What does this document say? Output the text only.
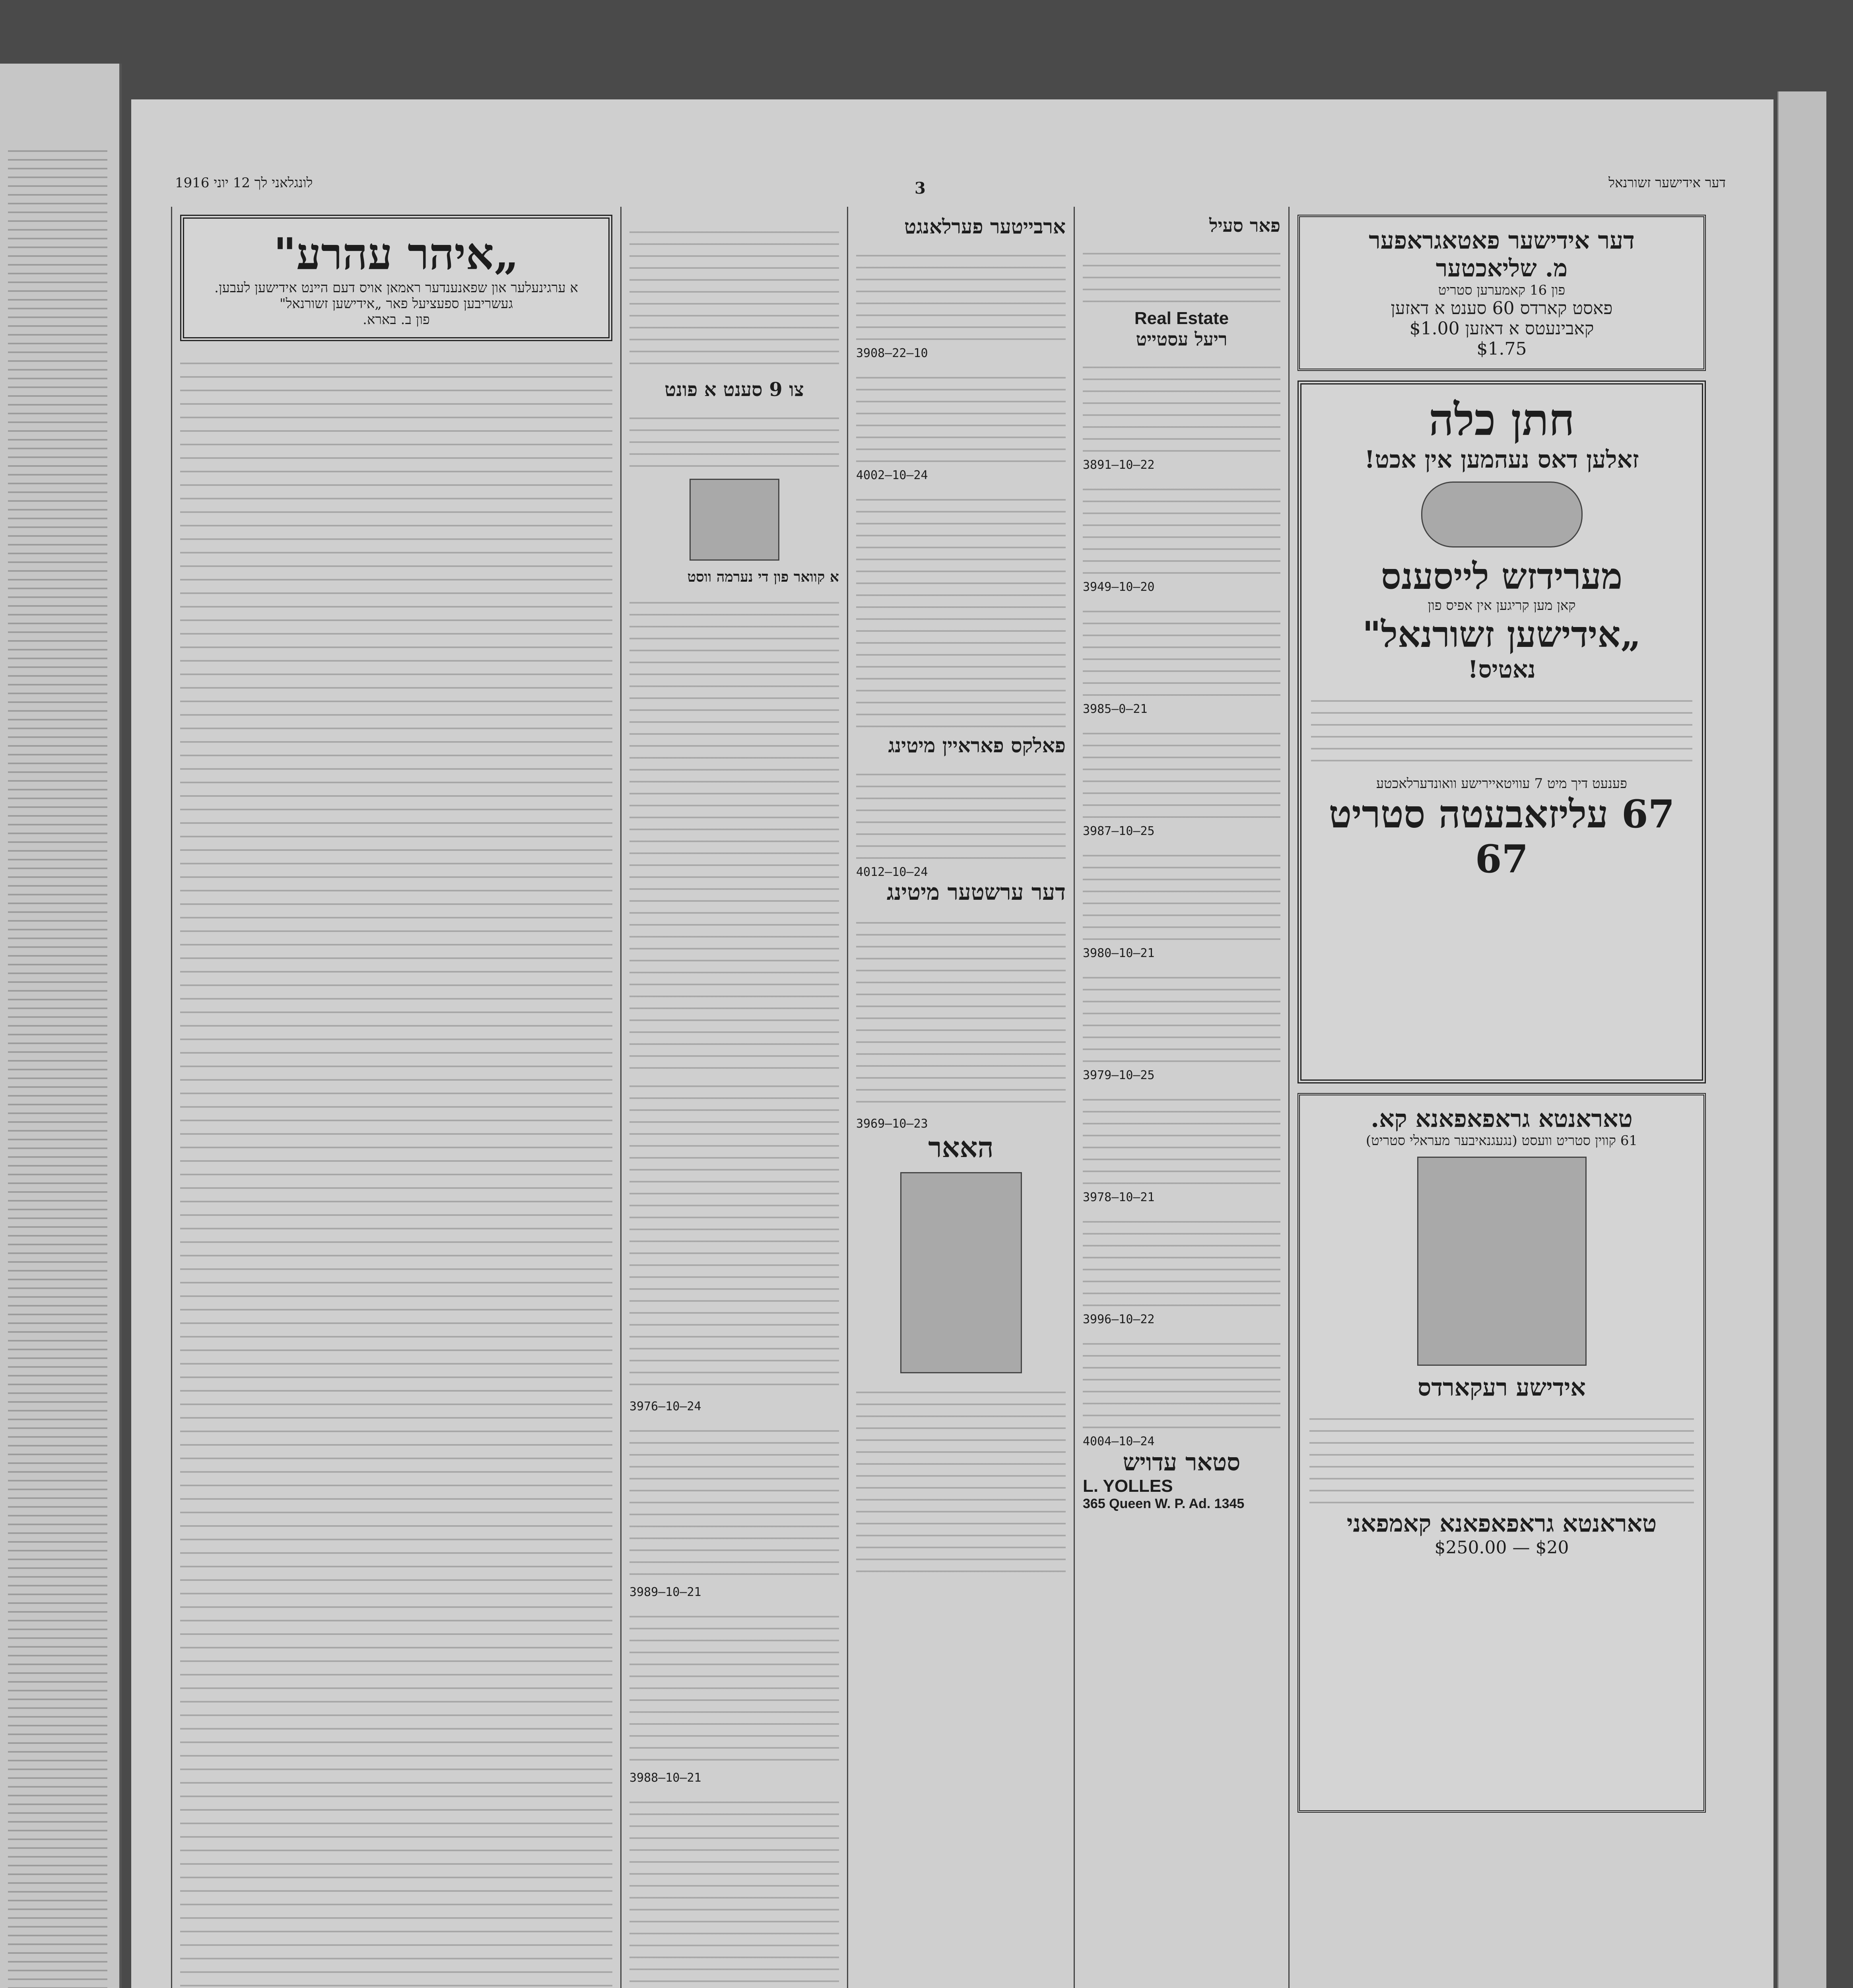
דער אידישער זשורנאל
לונגלאני לך 12 יוני 1916	3
דער אידישער פאטאגראפער
מ. שליאכטער
פון 16 קאמערען סטריט
פאסט קארדס 60 סענט א דאזען
קאבינעטס א דאזען $1.00
$1.75
חתן כלה
זאלען דאס נעהמען אין אכט!
מערידזש לייסענס
קאן מען קריגען אין אפיס פון
„אידישען זשורנאל"
נאטיס!
פענעט דיך מיט 7 עוויטאיירישע וואונדערלאכטע
67 עליזאבעטה סטריט 67
טאראנטא גראפאפאנא קא.
61 קווין סטריט וועסט (נגעגנאיבער מעראלי סטריט)
אידישע רעקארדס
טאראנטא גראפאפאנא קאמפאני
$250.00 — $20
פאר סעיל
Real Estate
ריעל עסטייט
3891—10—22
3949—10—20
3985—0—21
3987—10—25
3980—10—21
3979—10—25
3978—10—21
3996—10—22
4004—10—24
סטאר עדויש
L. YOLLES
365 Queen W. P. Ad. 1345
ארבייטער פערלאנגט
3908—22—10
4002—10—24
פאלקס פאראיין מיטינג
4012—10—24
דער ערשטער מיטינג
3969—10—23
האאר
צו 9 סענט א פונט
א קוואר פון די נערמה ווסט
3976—10—24
3989—10—21
3988—10—21
„איהר עהרע"
א ערגינעלער און שפאנענדער ראמאן אויס דעם הײנט אידישען לעבען.
געשריבען ספעציעל פאר „אידישען זשורנאל"
פון ב. בארא.
